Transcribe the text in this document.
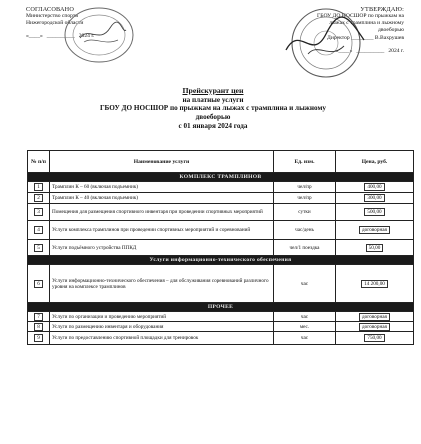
СОГЛАСОВАНО
Министерство спорта
Нижегородской области
«____» __________ 2024 г.
УТВЕРЖДАЮ:
ГБОУ ДО НОСШОР по прыжкам на
лыжах с трамплина и лыжному
двоеборью
Директор ________ В.Вахрушев
«____» __________ 2024 г.
Прейскурант цен
на платные услуги
ГБОУ ДО НОСШОР по прыжкам на лыжах с трамплина и лыжному
двоеборью
с 01 января 2024 года
№ п/п	Наименование услуги	Ед. изм.	Цена, руб.
КОМПЛЕКС ТРАМПЛИНОВ			
1	Трамплин К – 60 (включая подъемник)	чел/пр	400,00
2	Трамплин К – 40 (включая подъемник)	чел/пр	300,00
3	Помещения для размещения спортивного инвентаря при проведении спортивных мероприятий	сутки	500,00
4	Услуги комплекса трамплинов при проведении спортивных мероприятий и соревнований	час/день	договорная
5	Услуги подъёмного устройства ППКД	чел/1 поездка	50,00
Услуги информационно-технического обеспечения			
6	Услуги информационно-технического обеспечения – для обслуживания соревнований различного уровня на комплексе трамплинов	час	14 200,00
ПРОЧЕЕ			
7	Услуги по организации и проведению мероприятий	час	договорная
8	Услуги по размещению инвентаря и оборудования	мес.	договорная
9	Услуги по предоставлению спортивной площадки для тренировок	час	750,00
